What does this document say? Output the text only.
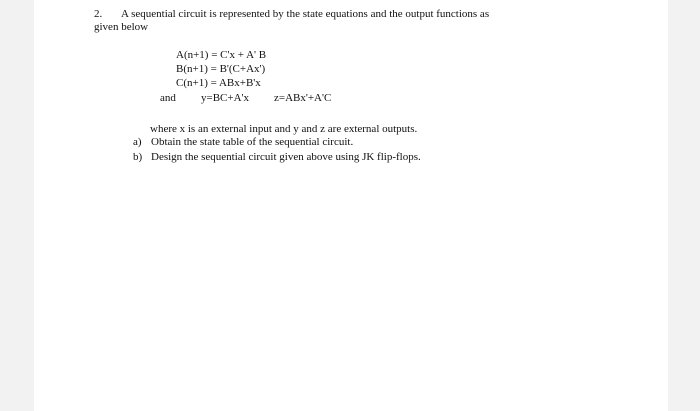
2. A sequential circuit is represented by the state equations and the output functions as
given below
A(n+1) = C'x + A' B
B(n+1) = B'(C+Ax')
C(n+1) = ABx+B'x
and y=BC+A'x z=ABx'+A'C
where x is an external input and y and z are external outputs.
a) Obtain the state table of the sequential circuit.
b) Design the sequential circuit given above using JK flip-flops.
